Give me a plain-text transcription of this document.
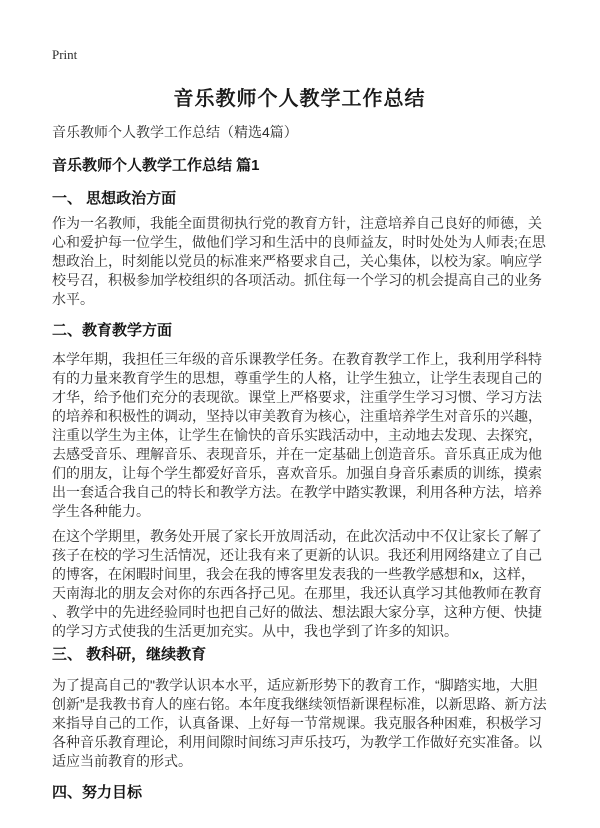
Print
音乐教师个人教学工作总结
音乐教师个人教学工作总结（精选4篇）
音乐教师个人教学工作总结 篇1
一、 思想政治方面

作为一名教师，我能全面贯彻执行党的教育方针，注意培养自己良好的师德，关心和爱护每一位学生，做他们学习和生活中的良师益友，时时处处为人师表;在思想政治上，时刻能以党员的标准来严格要求自己，关心集体，以校为家。响应学校号召，积极参加学校组织的各项活动。抓住每一个学习的机会提高自己的业务水平。

二、教育教学方面

本学年期，我担任三年级的音乐课教学任务。在教育教学工作上，我利用学科特有的力量来教育学生的思想，尊重学生的人格，让学生独立，让学生表现自己的才华，给予他们充分的表现欲。课堂上严格要求，注重学生学习习惯、学习方法的培养和积极性的调动，坚持以审美教育为核心，注重培养学生对音乐的兴趣，注重以学生为主体，让学生在愉快的音乐实践活动中，主动地去发现、去探究，去感受音乐、理解音乐、表现音乐，并在一定基础上创造音乐。音乐真正成为他们的朋友，让每个学生都爱好音乐，喜欢音乐。加强自身音乐素质的训练，摸索出一套适合我自己的特长和教学方法。在教学中踏实教课，利用各种方法，培养学生各种能力。

在这个学期里，教务处开展了家长开放周活动，在此次活动中不仅让家长了解了孩子在校的学习生活情况，还让我有来了更新的认识。我还利用网络建立了自己的博客，在闲暇时间里，我会在我的博客里发表我的一些教学感想和x，这样，天南海北的朋友会对你的东西各抒己见。在那里，我还认真学习其他教师在教育、教学中的先进经验同时也把自己好的做法、想法跟大家分享，这种方便、快捷的学习方式使我的生活更加充实。从中，我也学到了许多的知识。

三、 教科研，继续教育

为了提高自己的"教学认识本水平，适应新形势下的教育工作，“脚踏实地，大胆创新”是我教书育人的座右铭。本年度我继续领悟新课程标准，以新思路、新方法来指导自己的工作，认真备课、上好每一节常规课。我克服各种困难，积极学习各种音乐教育理论，利用间隙时间练习声乐技巧，为教学工作做好充实准备。以适应当前教育的形式。

四、努力目标
